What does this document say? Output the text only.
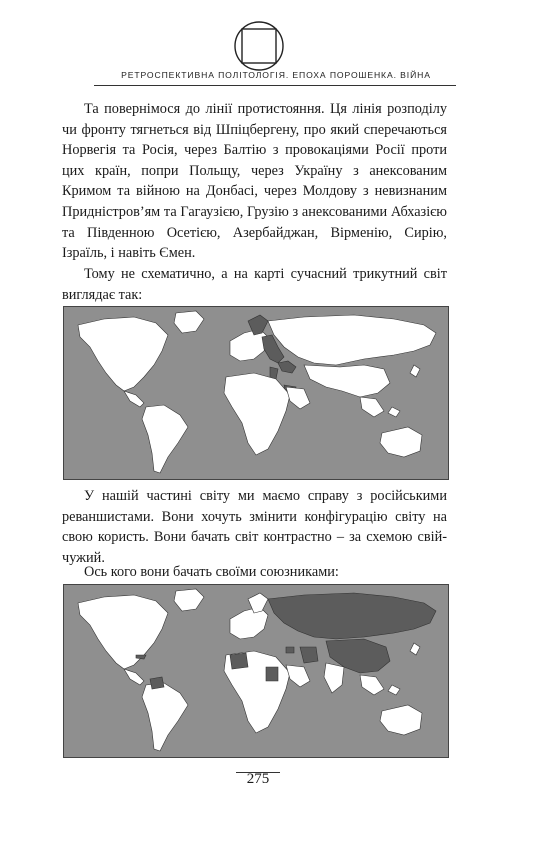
РЕТРОСПЕКТИВНА ПОЛІТОЛОГІЯ. ЕПОХА ПОРОШЕНКА. ВІЙНА

Та повернімося до лінії протистояння. Ця лінія розподілу чи фронту тягнеться від Шпіцбергену, про який сперечаються Норвегія та Росія, через Балтію з провокаціями Росії проти цих країн, попри Польщу, через Україну з анексованим Кримом та війною на Донбасі, через Молдову з невизнаним Придністров’ям та Гагаузією, Грузію з анексованими Абхазією та Південною Осетією, Азербайджан, Вірменію, Сирію, Ізраїль, і навіть Ємен.

Тому не схематично, а на карті сучасний трикутний світ виглядає так:

У нашій частині світу ми маємо справу з російськими реваншистами. Вони хочуть змінити конфігурацію світу на свою користь. Вони бачать світ контрастно – за схемою свій-чужий.

Ось кого вони бачать своїми союзниками:

275
